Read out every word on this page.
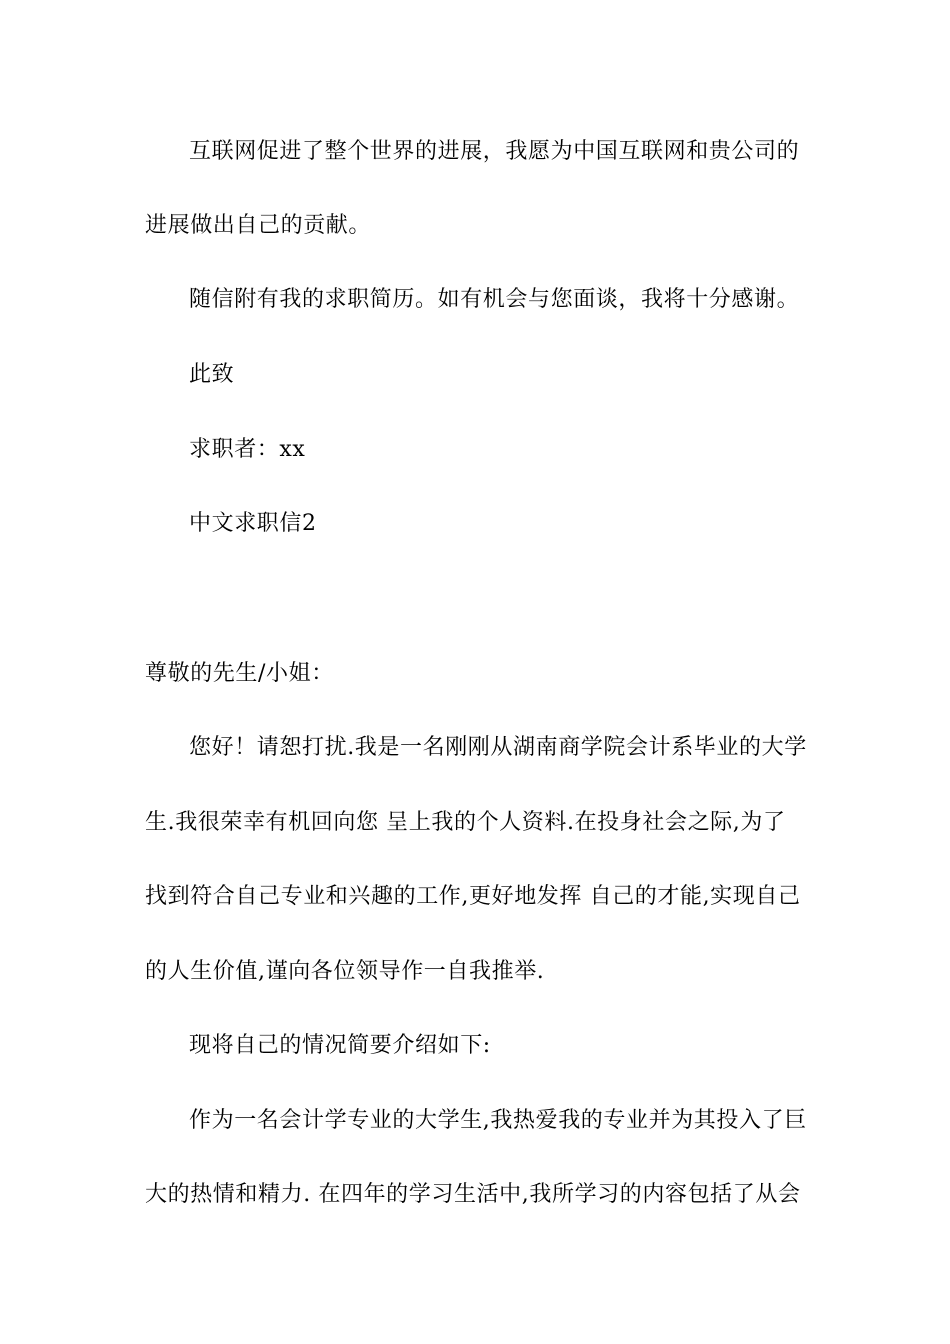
互联网促进了整个世界的进展，我愿为中国互联网和贵公司的
进展做出自己的贡献。
随信附有我的求职简历。如有机会与您面谈，我将十分感谢。
此致
求职者：xx
中文求职信2
尊敬的先生/小姐：
您好！请恕打扰.我是一名刚刚从湖南商学院会计系毕业的大学
生.我很荣幸有机回向您 呈上我的个人资料.在投身社会之际,为了
找到符合自己专业和兴趣的工作,更好地发挥 自己的才能,实现自己
的人生价值,谨向各位领导作一自我推举.
现将自己的情况简要介绍如下:
作为一名会计学专业的大学生,我热爱我的专业并为其投入了巨
大的热情和精力. 在四年的学习生活中,我所学习的内容包括了从会
